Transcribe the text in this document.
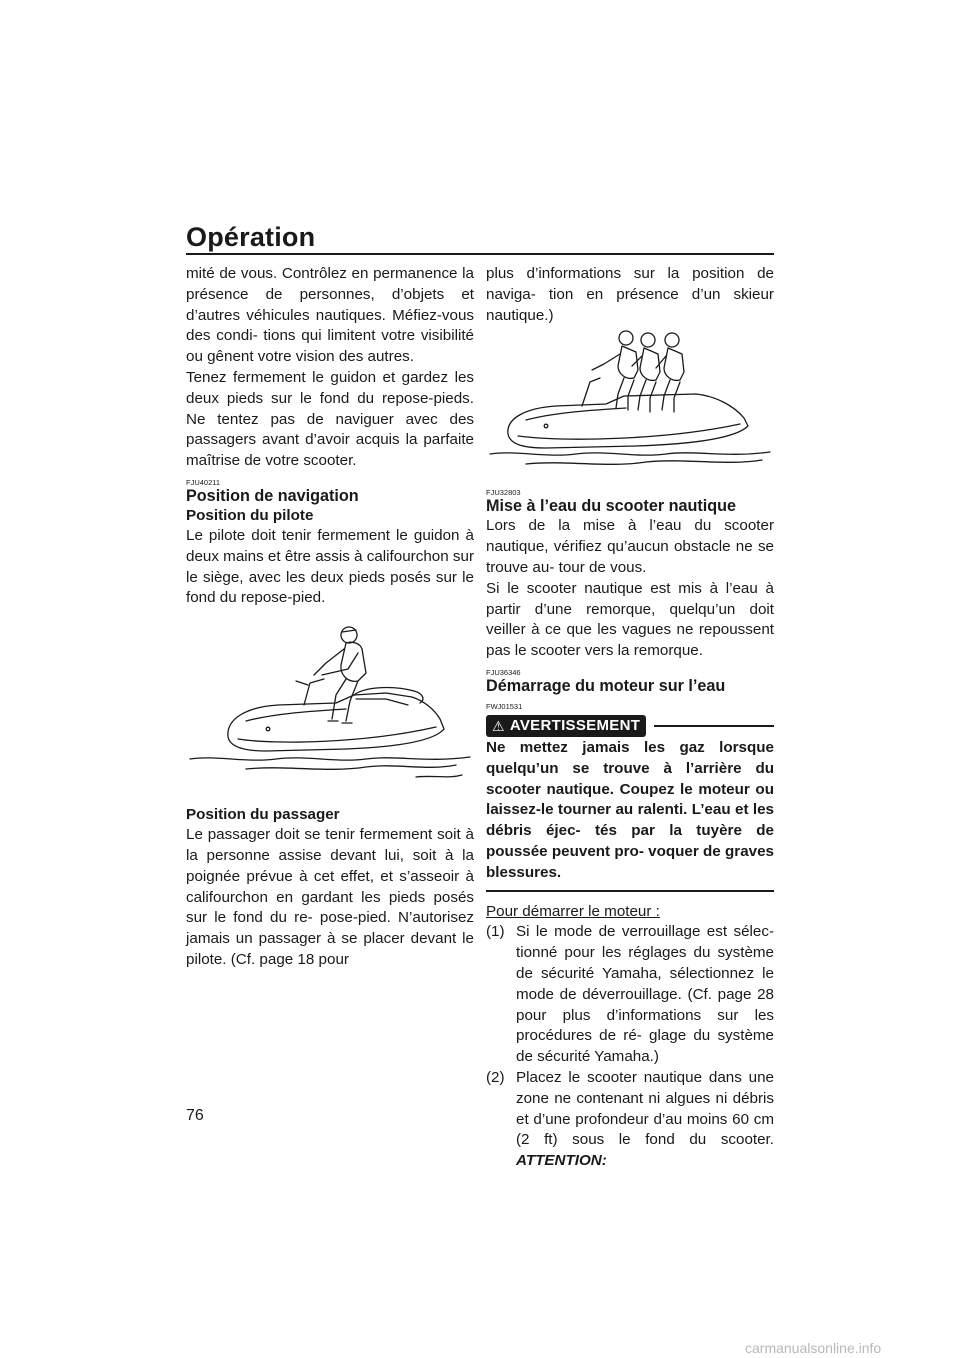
Opération

mité de vous. Contrôlez en permanence la présence de personnes, d’objets et d’autres véhicules nautiques. Méfiez-vous des condi- tions qui limitent votre visibilité ou gênent votre vision des autres.

Tenez fermement le guidon et gardez les deux pieds sur le fond du repose-pieds. Ne tentez pas de naviguer avec des passagers avant d’avoir acquis la parfaite maîtrise de votre scooter.

FJU40211
Position de navigation
Position du pilote

Le pilote doit tenir fermement le guidon à deux mains et être assis à califourchon sur le siège, avec les deux pieds posés sur le fond du repose-pied.

Position du passager

Le passager doit se tenir fermement soit à la personne assise devant lui, soit à la poignée prévue à cet effet, et s’asseoir à califourchon en gardant les pieds posés sur le fond du re- pose-pied. N’autorisez jamais un passager à se placer devant le pilote. (Cf. page 18 pour

plus d’informations sur la position de naviga- tion en présence d’un skieur nautique.)

FJU32803
Mise à l’eau du scooter nautique

Lors de la mise à l’eau du scooter nautique, vérifiez qu’aucun obstacle ne se trouve au- tour de vous.

Si le scooter nautique est mis à l’eau à partir d’une remorque, quelqu’un doit veiller à ce que les vagues ne repoussent pas le scooter vers la remorque.

FJU36346
Démarrage du moteur sur l’eau
FWJ01531
⚠ AVERTISSEMENT

Ne mettez jamais les gaz lorsque quelqu’un se trouve à l’arrière du scooter nautique. Coupez le moteur ou laissez-le tourner au ralenti. L’eau et les débris éjec- tés par la tuyère de poussée peuvent pro- voquer de graves blessures.

Pour démarrer le moteur :

(1) Si le mode de verrouillage est sélec- tionné pour les réglages du système de sécurité Yamaha, sélectionnez le mode de déverrouillage. (Cf. page 28 pour plus d’informations sur les procédures de ré- glage du système de sécurité Yamaha.)
(2) Placez le scooter nautique dans une zone ne contenant ni algues ni débris et d’une profondeur d’au moins 60 cm (2 ft) sous le fond du scooter. ATTENTION:
76
carmanualsonline.info
